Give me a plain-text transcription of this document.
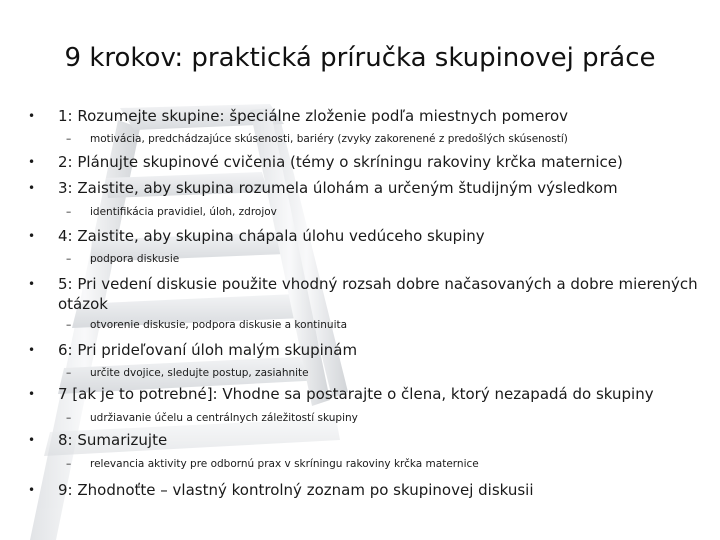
9 krokov: praktická príručka skupinovej práce
•	1: Rozumejte skupine: špeciálne zloženie podľa miestnych pomerov
– motivácia, predchádzajúce skúsenosti, bariéry (zvyky zakorenené z predošlých skúseností)
•	2: Plánujte skupinové cvičenia (témy o skríningu rakoviny krčka maternice)
•	3: Zaistite, aby skupina rozumela úlohám a určeným študijným výsledkom
– identifikácia pravidiel, úloh, zdrojov
•	4: Zaistite, aby skupina chápala úlohu vedúceho skupiny
– podpora diskusie
•	5: Pri vedení diskusie použite vhodný rozsah dobre načasovaných a dobre mierených otázok
– otvorenie diskusie, podpora diskusie a kontinuita
•	6: Pri prideľovaní úloh malým skupinám
– určite dvojice, sledujte postup, zasiahnite
•	7 [ak je to potrebné]: Vhodne sa postarajte o člena, ktorý nezapadá do skupiny
– udržiavanie účelu a centrálnych záležitostí skupiny
•	8: Sumarizujte
– relevancia aktivity pre odbornú prax v skríningu rakoviny krčka maternice
•	9: Zhodnoťte – vlastný kontrolný zoznam po skupinovej diskusii
